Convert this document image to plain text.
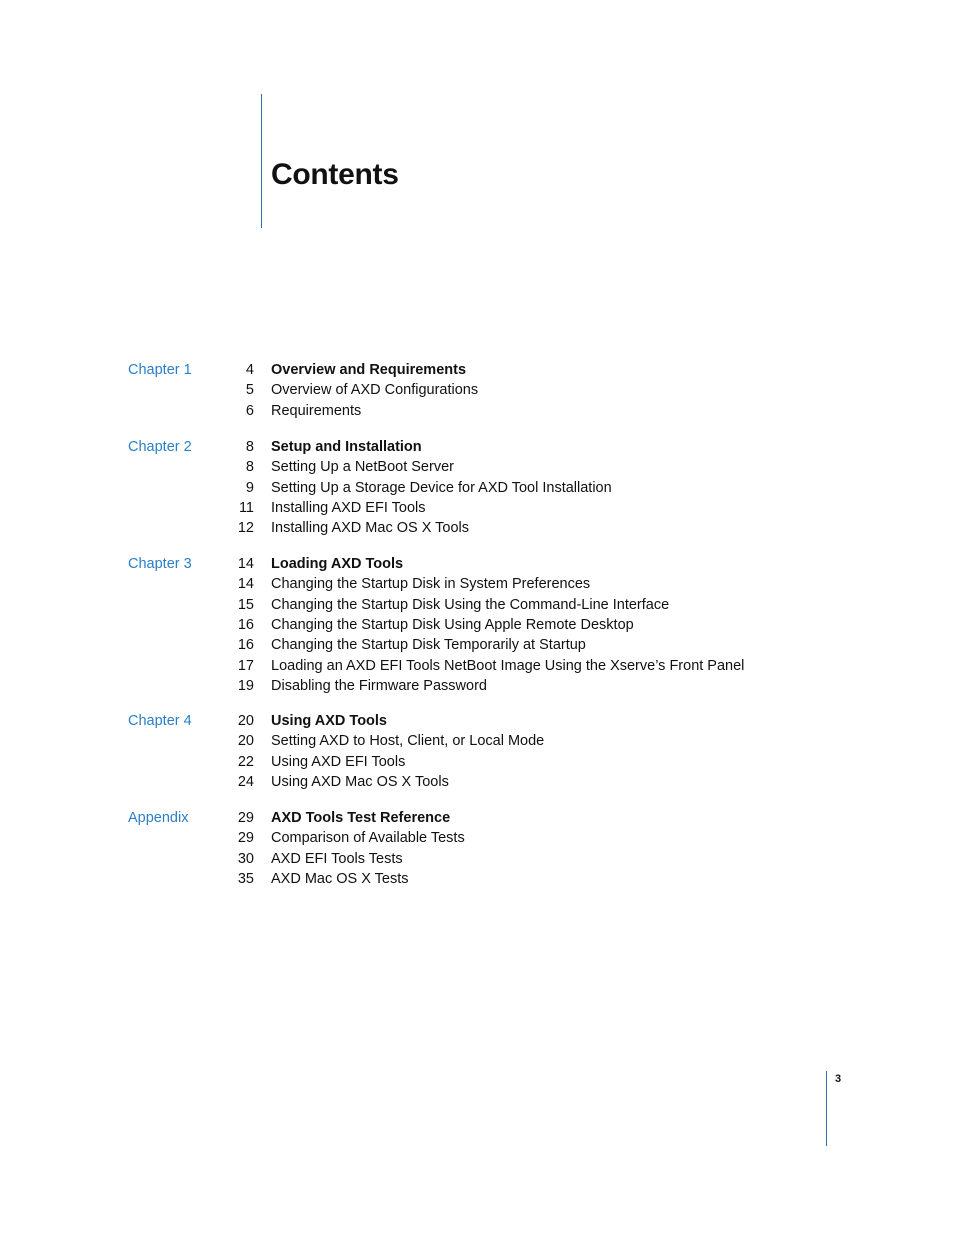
Contents
Chapter 1	4 Overview and Requirements
5 Overview of AXD Configurations
6 Requirements
Chapter 2	8 Setup and Installation
8 Setting Up a NetBoot Server
9 Setting Up a Storage Device for AXD Tool Installation
11 Installing AXD EFI Tools
12 Installing AXD Mac OS X Tools
Chapter 3	14 Loading AXD Tools
14 Changing the Startup Disk in System Preferences
15 Changing the Startup Disk Using the Command-Line Interface
16 Changing the Startup Disk Using Apple Remote Desktop
16 Changing the Startup Disk Temporarily at Startup
17 Loading an AXD EFI Tools NetBoot Image Using the Xserve’s Front Panel
19 Disabling the Firmware Password
Chapter 4	20 Using AXD Tools
20 Setting AXD to Host, Client, or Local Mode
22 Using AXD EFI Tools
24 Using AXD Mac OS X Tools
Appendix	29 AXD Tools Test Reference
29 Comparison of Available Tests
30 AXD EFI Tools Tests
35 AXD Mac OS X Tests
3
